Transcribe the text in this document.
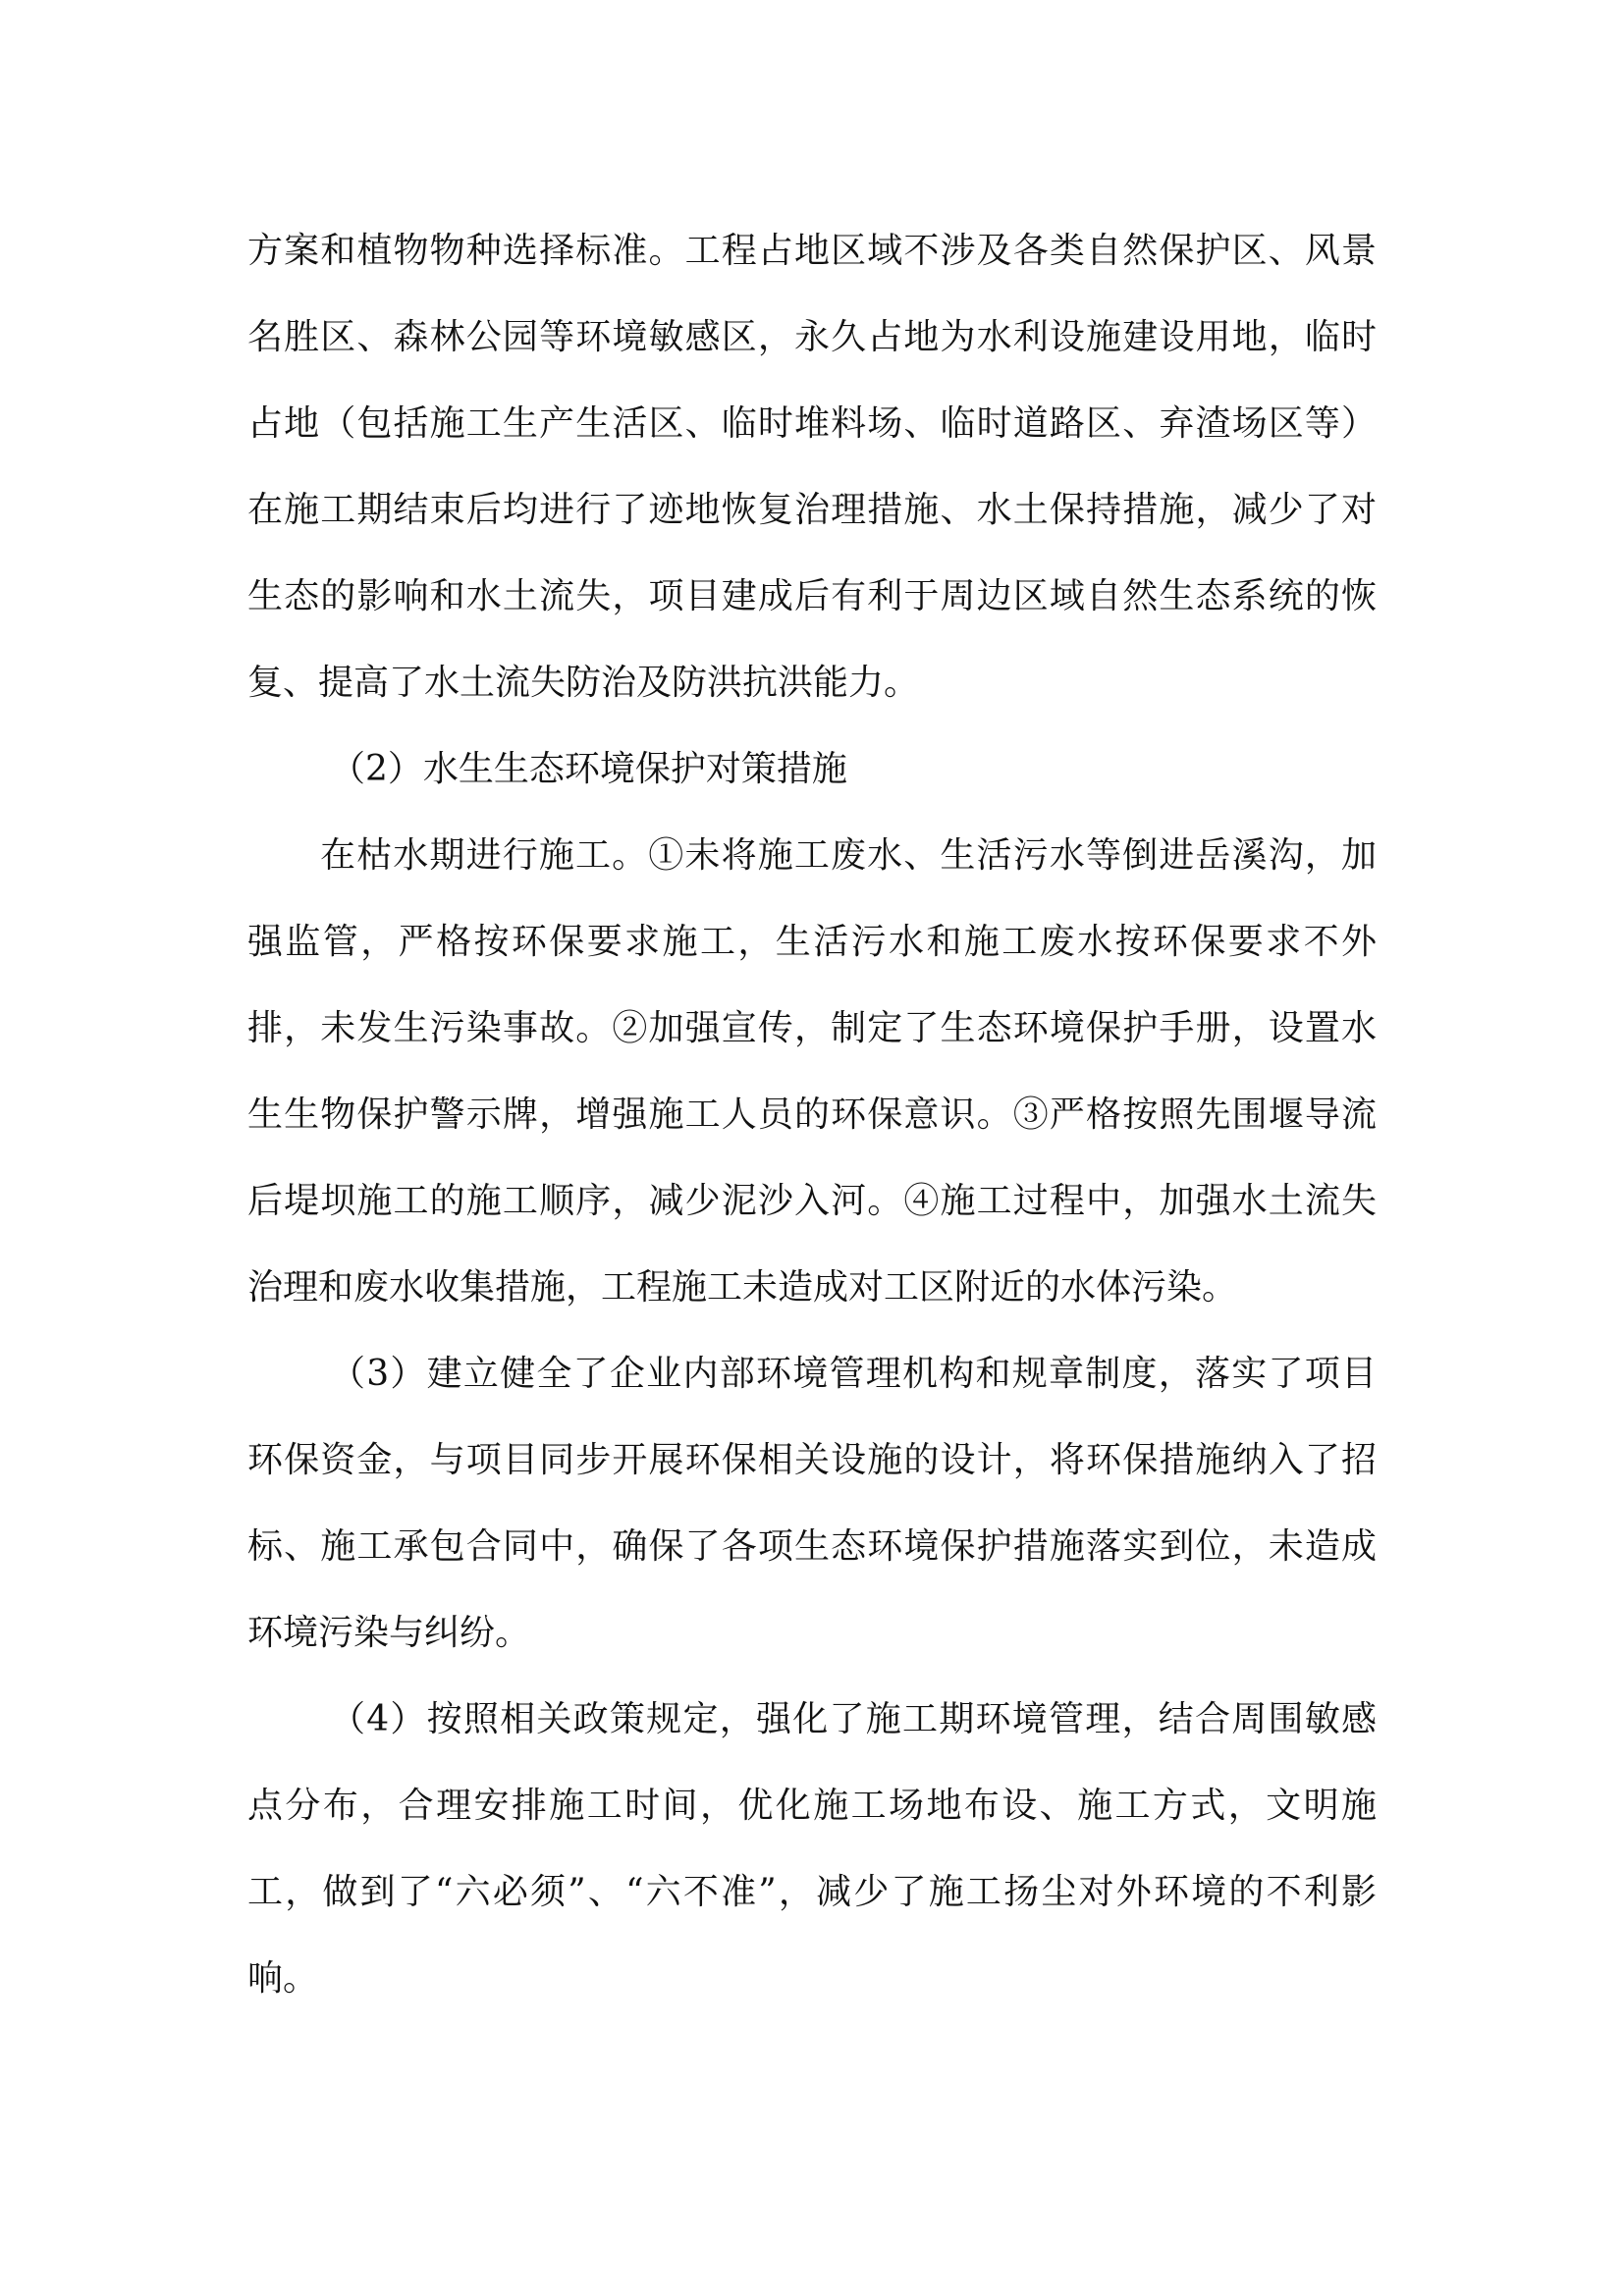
方案和植物物种选择标准。工程占地区域不涉及各类自然保护区、风景名胜区、森林公园等环境敏感区，永久占地为水利设施建设用地，临时占地（包括施工生产生活区、临时堆料场、临时道路区、弃渣场区等）在施工期结束后均进行了迹地恢复治理措施、水土保持措施，减少了对生态的影响和水土流失，项目建成后有利于周边区域自然生态系统的恢复、提高了水土流失防治及防洪抗洪能力。

（2）水生生态环境保护对策措施

在枯水期进行施工。①未将施工废水、生活污水等倒进岳溪沟，加强监管，严格按环保要求施工，生活污水和施工废水按环保要求不外排，未发生污染事故。②加强宣传，制定了生态环境保护手册，设置水生生物保护警示牌，增强施工人员的环保意识。③严格按照先围堰导流后堤坝施工的施工顺序，减少泥沙入河。④施工过程中，加强水土流失治理和废水收集措施，工程施工未造成对工区附近的水体污染。

（3）建立健全了企业内部环境管理机构和规章制度，落实了项目环保资金，与项目同步开展环保相关设施的设计，将环保措施纳入了招标、施工承包合同中，确保了各项生态环境保护措施落实到位，未造成环境污染与纠纷。

（4）按照相关政策规定，强化了施工期环境管理，结合周围敏感点分布，合理安排施工时间，优化施工场地布设、施工方式，文明施工，做到了“六必须”、“六不准”，减少了施工扬尘对外环境的不利影响。
